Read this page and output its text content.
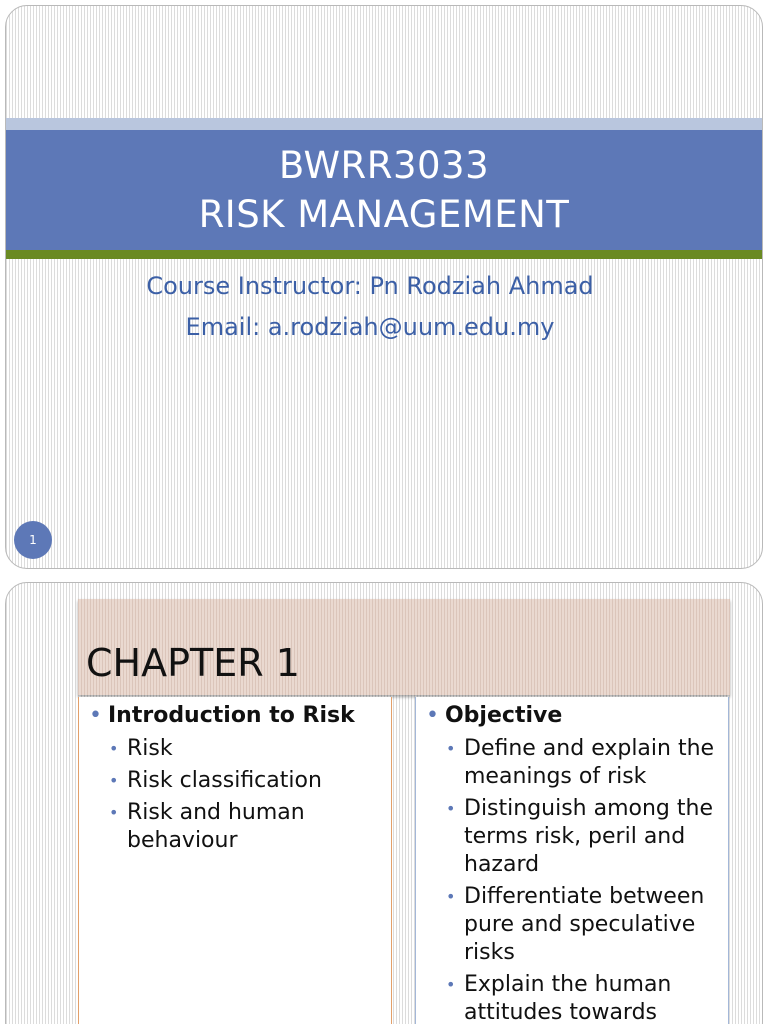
BWRR3033
RISK MANAGEMENT
Course Instructor: Pn Rodziah Ahmad
Email: a.rodziah@uum.edu.my
1
CHAPTER 1
• Introduction to Risk
• Risk
• Risk classification
• Risk and human behaviour
• Objective
• Define and explain the meanings of risk
• Distinguish among the terms risk, peril and hazard
• Differentiate between pure and speculative risks
• Explain the human attitudes towards
